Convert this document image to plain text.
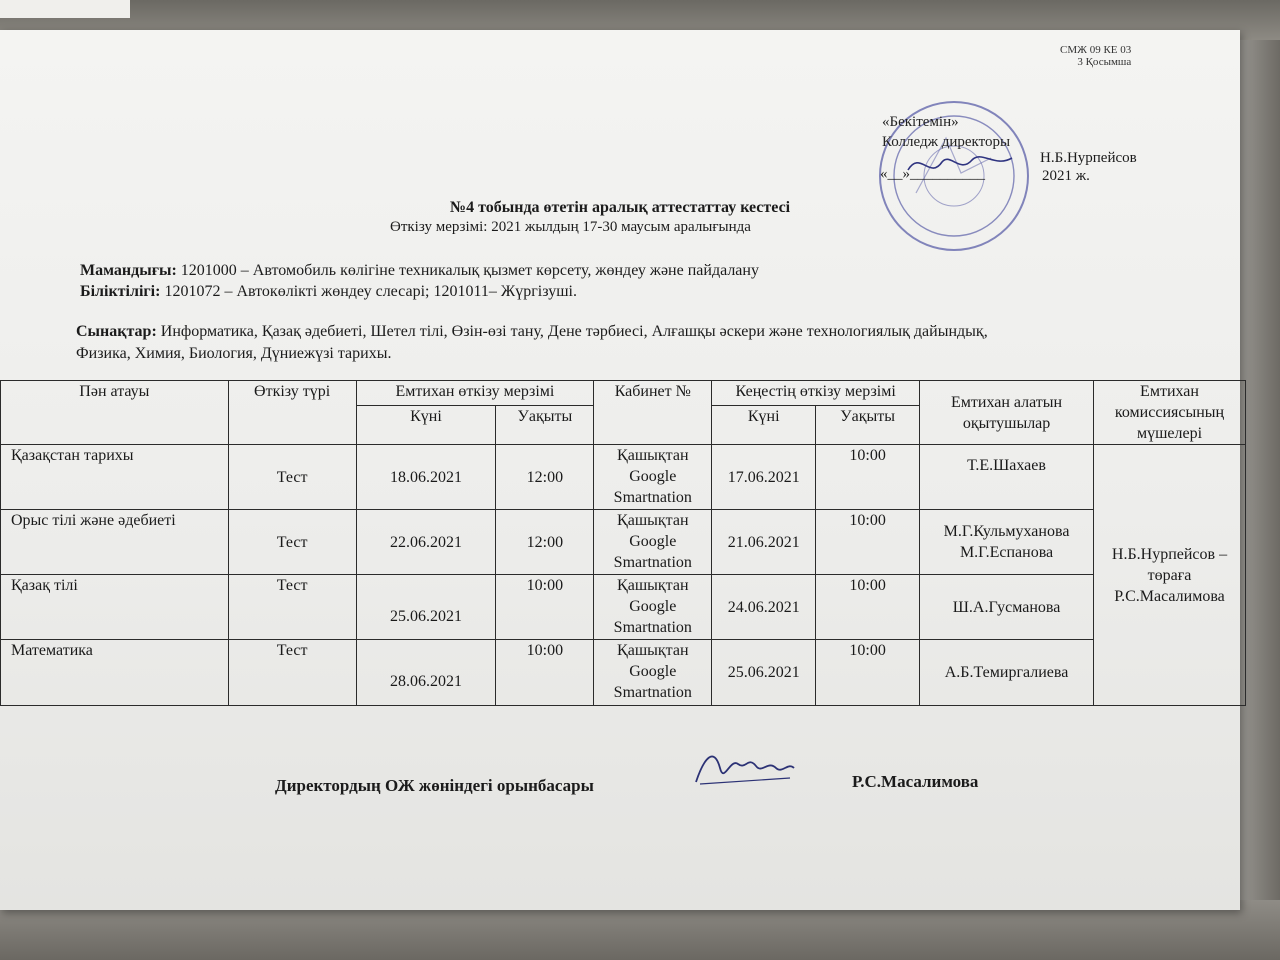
СМЖ 09 КЕ 03
3 Қосымша
«Бекітемін»
Колледж директоры
Н.Б.Нурпейсов
«__»__________	2021 ж.
№4 тобында өтетін аралық аттестаттау кестесі
Өткізу мерзімі: 2021 жылдың 17-30 маусым аралығында
Мамандығы: 1201000 – Автомобиль көлігіне техникалық қызмет көрсету, жөндеу және пайдалану
Біліктілігі: 1201072 – Автокөлікті жөндеу слесарі; 1201011– Жүргізуші.
Сынақтар: Информатика, Қазақ әдебиеті, Шетел тілі, Өзін-өзі тану, Дене тәрбиесі, Алғашқы әскери және технологиялық дайындық,
Физика, Химия, Биология, Дүниежүзі тарихы.
Пән атауы	Өткізу түрі	Емтихан өткізу мерзімі		Кабинет №	Кеңестің өткізу мерзімі		Емтихан алатын оқытушылар	Емтихан комиссиясының мүшелері
		Күні	Уақыты		Күні	Уақыты		
Қазақстан тарихы	Тест	18.06.2021	12:00	Қашықтан Google Smartnation	17.06.2021	10:00	Т.Е.Шахаев	Н.Б.Нурпейсов – төраға Р.С.Масалимова
Орыс тілі және әдебиеті	Тест	22.06.2021	12:00	Қашықтан Google Smartnation	21.06.2021	10:00	М.Г.Кульмуханова М.Г.Еспанова	
Қазақ тілі	Тест	25.06.2021	10:00	Қашықтан Google Smartnation	24.06.2021	10:00	Ш.А.Гусманова	
Математика	Тест	28.06.2021	10:00	Қашықтан Google Smartnation	25.06.2021	10:00	А.Б.Темиргалиева	
Директордың ОЖ жөніндегі орынбасары	Р.С.Масалимова
